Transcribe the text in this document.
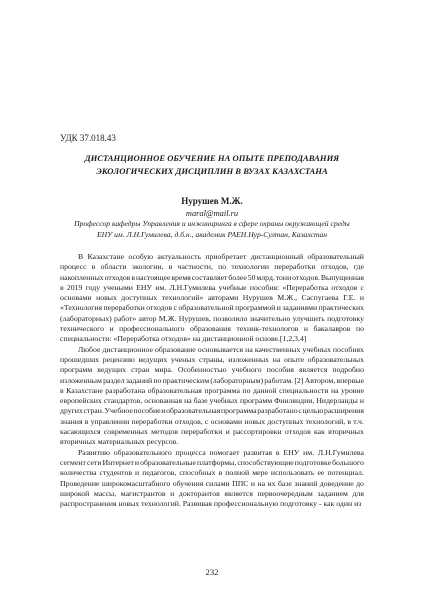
УДК 37.018.43
ДИСТАНЦИОННОЕ ОБУЧЕНИЕ НА ОПЫТЕ ПРЕПОДАВАНИЯ
ЭКОЛОГИЧЕСКИХ ДИСЦИПЛИН В ВУЗАХ КАЗАХСТАНА
Нурушев М.Ж.
maral@mail.ru
Профессор кафедры Управления и инжиниринга в сфере охраны окружающей среды
ЕНУ им. Л.Н.Гумилева, д.б.н., академик РАЕН.Нур-Султан, Казахстан
В Казахстане особую актуальность приобретает дистанционный образовательный
процесс в области экологии, в частности, по технологии переработки отходов, где
накопленных отходов в настоящее время составляет более 50 млрд. тонн отходов. Выпущенная
в 2019 году учеными ЕНУ им. Л.Н.Гумилева учебные пособия: «Переработка отходов с
основами новых доступных технологий» авторами Нурушев М.Ж., Саспугаева Г.Е. и
«Технология переработки отходов с образовательной программой и заданиями практических
(лабораторных) работ» автор М.Ж. Нурушев, позволило значительно улучшить подготовку
технического и профессионального образования техник-технологов и бакалавров по
специальности: «Переработка отходов» на дистанционной основе.[1,2,3,4]
Любое дистанционное образование основывается на качественных учебных пособиях
прошедших рецензию ведущих ученых страны, изложенных на опыте образовательных
программ ведущих стран мира. Особенностью учебного пособия является подробно
изложенным раздел заданий по практическим (лабораторным) работам. [2] Автором, впервые
в Казахстане разработана образовательная программа по данной специальности на уровне
европейских стандартов, основанная на базе учебных программ Финляндии, Нидерланды и
других стран. Учебное пособие и образовательная программа разработано с целью расширения
знания в управлении переработки отходов, с основами новых доступных технологий, в т.ч.
касающихся современных методов переработки и рассортировки отходов как вторичных
вторичных материальных ресурсов.
Развитию образовательного процесса помогает развитая в ЕНУ им. Л.Н.Гумилева
сегмент сети Интернет и образовательные платформы, способствующие подготовке большого
количества студентов и педагогов, способных в полной мере использовать ее потенциал.
Проведение широкомасштабного обучения силами ППС и на их базе знаний доведение до
широкой массы, магистрантов и докторантов является первоочередным заданием для
распространения новых технологий. Развивая профессиональную подготовку - как один из
232
